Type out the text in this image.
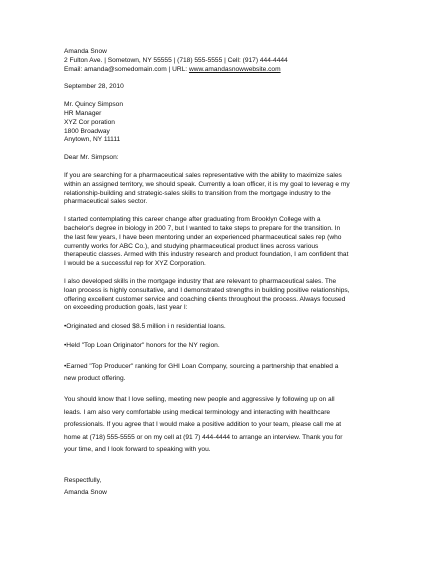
Amanda Snow
2 Fulton Ave. | Sometown, NY 55555 | (718) 555-5555 | Cell: (917) 444-4444
Email: amanda@somedomain.com | URL: www.amandasnowwebsite.com
September 28, 2010
Mr. Quincy Simpson
HR Manager
XYZ Cor poration
1800 Broadway
Anytown, NY 11111
Dear Mr. Simpson:

If you are searching for a pharmaceutical sales representative with the ability to maximize sales
within an assigned territory, we should speak. Currently a loan officer, it is my goal to leverag e my
relationship-building and strategic-sales skills to transition from the mortgage industry to the
pharmaceutical sales sector.

I started contemplating this career change after graduating from Brooklyn College with a
bachelor's degree in biology in 200 7, but I wanted to take steps to prepare for the transition. In
the last few years, I have been mentoring under an experienced pharmaceutical sales rep (who
currently works for ABC Co.), and studying pharmaceutical product lines across various
therapeutic classes. Armed with this industry research and product foundation, I am confident that
I would be a successful rep for XYZ Corporation.

I also developed skills in the mortgage industry that are relevant to pharmaceutical sales. The
loan process is highly consultative, and I demonstrated strengths in building positive relationships,
offering excellent customer service and coaching clients throughout the process. Always focused
on exceeding production goals, last year I:

•Originated and closed $8.5 million i n residential loans.
•Held "Top Loan Originator" honors for the NY region.
•Earned "Top Producer" ranking for GHI Loan Company, sourcing a partnership that enabled a
new product offering.

You should know that I love selling, meeting new people and aggressive ly following up on all
leads. I am also very comfortable using medical terminology and interacting with healthcare
professionals. If you agree that I would make a positive addition to your team, please call me at
home at (718) 555-5555 or on my cell at (91 7) 444-4444 to arrange an interview. Thank you for
your time, and I look forward to speaking with you.

Respectfully,
Amanda Snow
